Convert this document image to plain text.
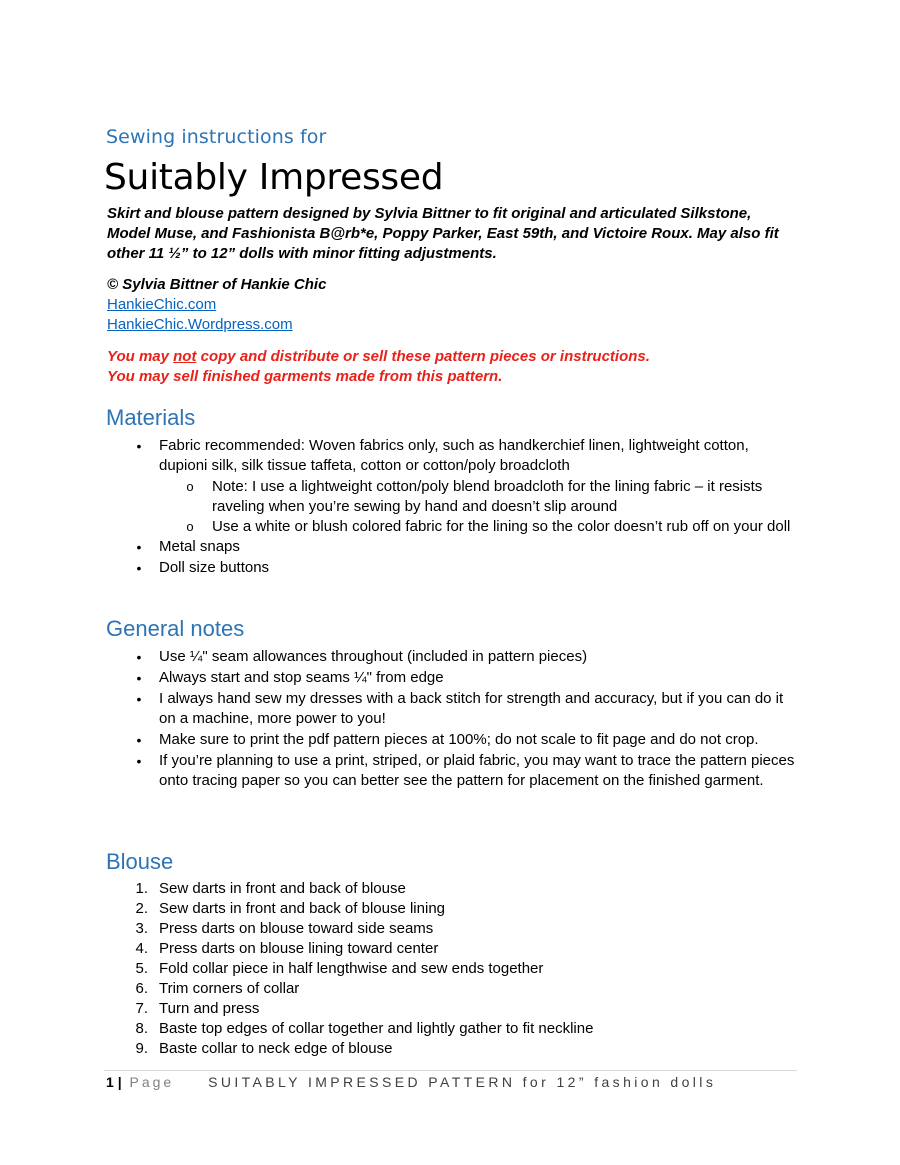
Sewing instructions for
Suitably Impressed
Skirt and blouse pattern designed by Sylvia Bittner to fit original and articulated Silkstone, Model Muse, and Fashionista B@rb*e, Poppy Parker, East 59th, and Victoire Roux. May also fit other 11 ½” to 12” dolls with minor fitting adjustments.
© Sylvia Bittner of Hankie Chic
HankieChic.com
HankieChic.Wordpress.com
You may not copy and distribute or sell these pattern pieces or instructions.
You may sell finished garments made from this pattern.
Materials
•	Fabric recommended: Woven fabrics only, such as handkerchief linen, lightweight cotton, dupioni silk, silk tissue taffeta, cotton or cotton/poly broadcloth
o Note: I use a lightweight cotton/poly blend broadcloth for the lining fabric – it resists raveling when you’re sewing by hand and doesn’t slip around
o Use a white or blush colored fabric for the lining so the color doesn’t rub off on your doll
•	Metal snaps
•	Doll size buttons
General notes
•	Use ¼" seam allowances throughout (included in pattern pieces)
•	Always start and stop seams ¼" from edge
•	I always hand sew my dresses with a back stitch for strength and accuracy, but if you can do it on a machine, more power to you!
•	Make sure to print the pdf pattern pieces at 100%; do not scale to fit page and do not crop.
•	If you’re planning to use a print, striped, or plaid fabric, you may want to trace the pattern pieces onto tracing paper so you can better see the pattern for placement on the finished garment.
Blouse
1. Sew darts in front and back of blouse
2. Sew darts in front and back of blouse lining
3. Press darts on blouse toward side seams
4. Press darts on blouse lining toward center
5. Fold collar piece in half lengthwise and sew ends together
6. Trim corners of collar
7. Turn and press
8. Baste top edges of collar together and lightly gather to fit neckline
9. Baste collar to neck edge of blouse
1 | Page SUITABLY IMPRESSED PATTERN for 12” fashion dolls
